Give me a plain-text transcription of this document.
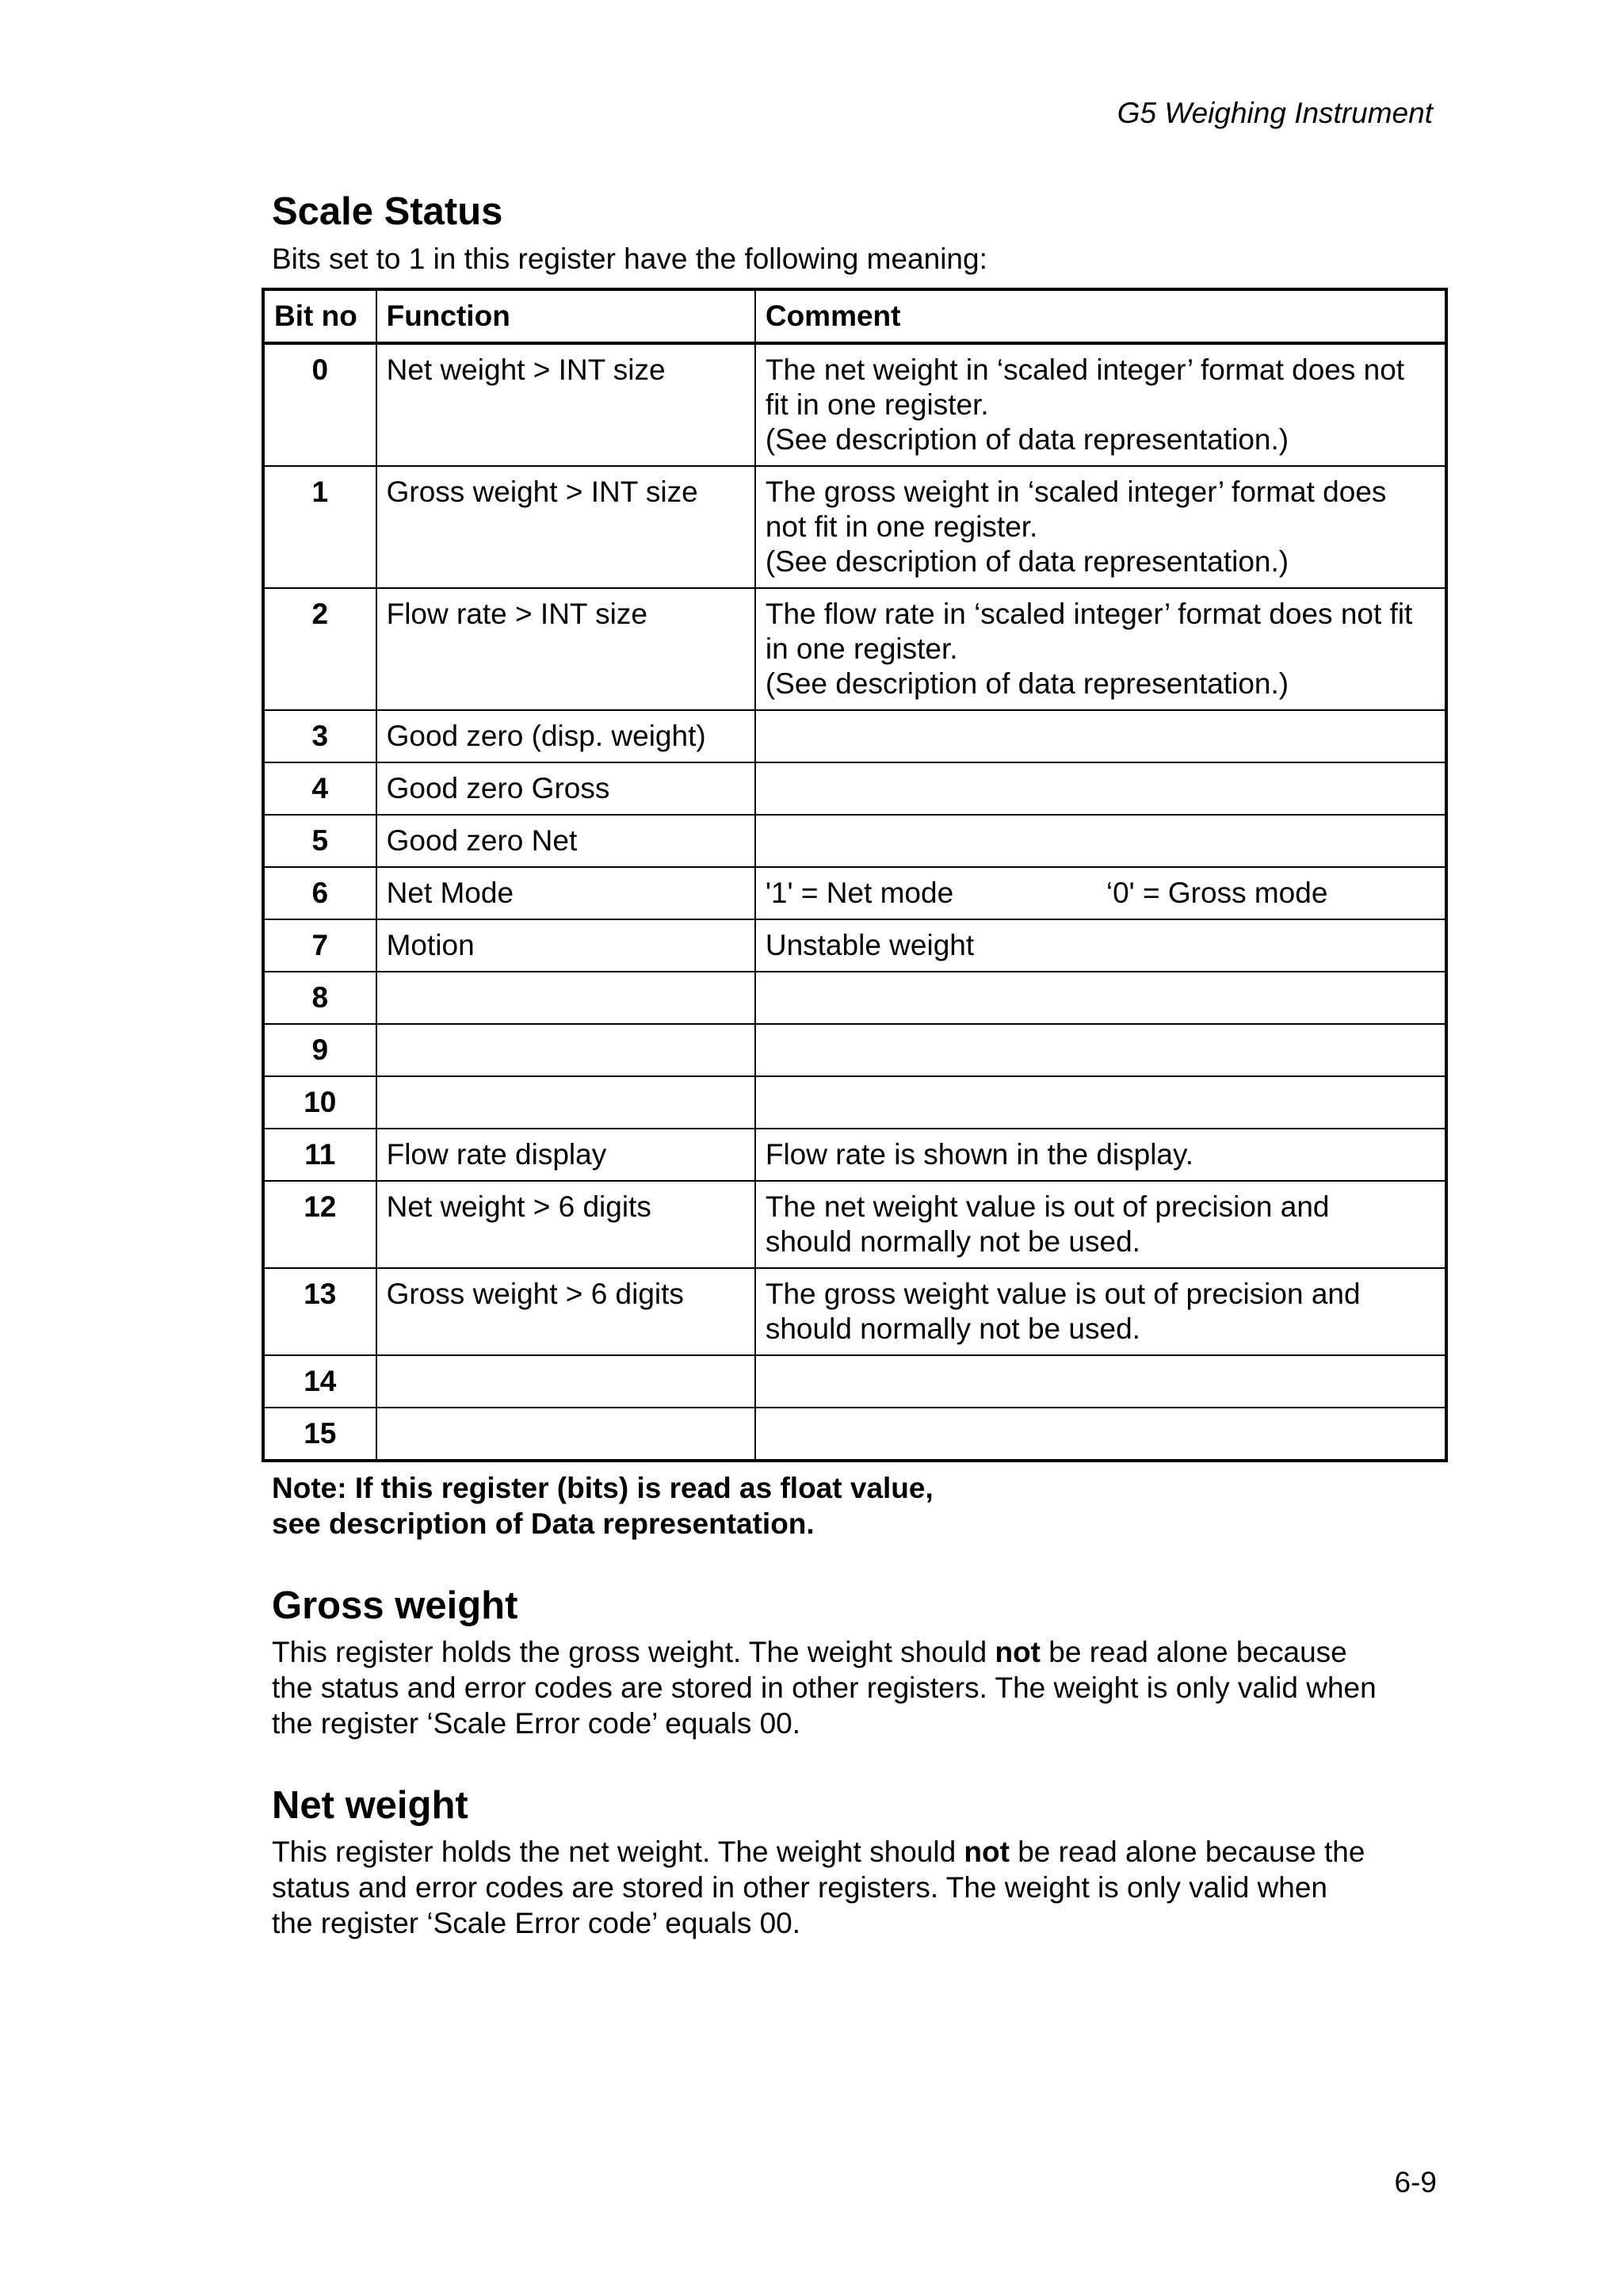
G5 Weighing Instrument
Scale Status
Bits set to 1 in this register have the following meaning:
Bit no	Function	Comment
0	Net weight > INT size	The net weight in ‘scaled integer’ format does not
fit in one register.
(See description of data representation.)

1	Gross weight > INT size	The gross weight in ‘scaled integer’ format does
not fit in one register.
(See description of data representation.)

2	Flow rate > INT size	The flow rate in ‘scaled integer’ format does not fit
in one register.
(See description of data representation.)

3	Good zero (disp. weight)	
4	Good zero Gross	
5	Good zero Net	
6	Net Mode	'1' = Net mode ‘0' = Gross mode

7	Motion	Unstable weight

8		
9		
10		
11	Flow rate display	Flow rate is shown in the display.

12	Net weight > 6 digits	The net weight value is out of precision and
should normally not be used.

13	Gross weight > 6 digits	The gross weight value is out of precision and
should normally not be used.

14		
15		
Note: If this register (bits) is read as float value,
see description of Data representation.
Gross weight

This register holds the gross weight. The weight should not be read alone because
the status and error codes are stored in other registers. The weight is only valid when
the register ‘Scale Error code’ equals 00.

Net weight

This register holds the net weight. The weight should not be read alone because the
status and error codes are stored in other registers. The weight is only valid when
the register ‘Scale Error code’ equals 00.

6-9
